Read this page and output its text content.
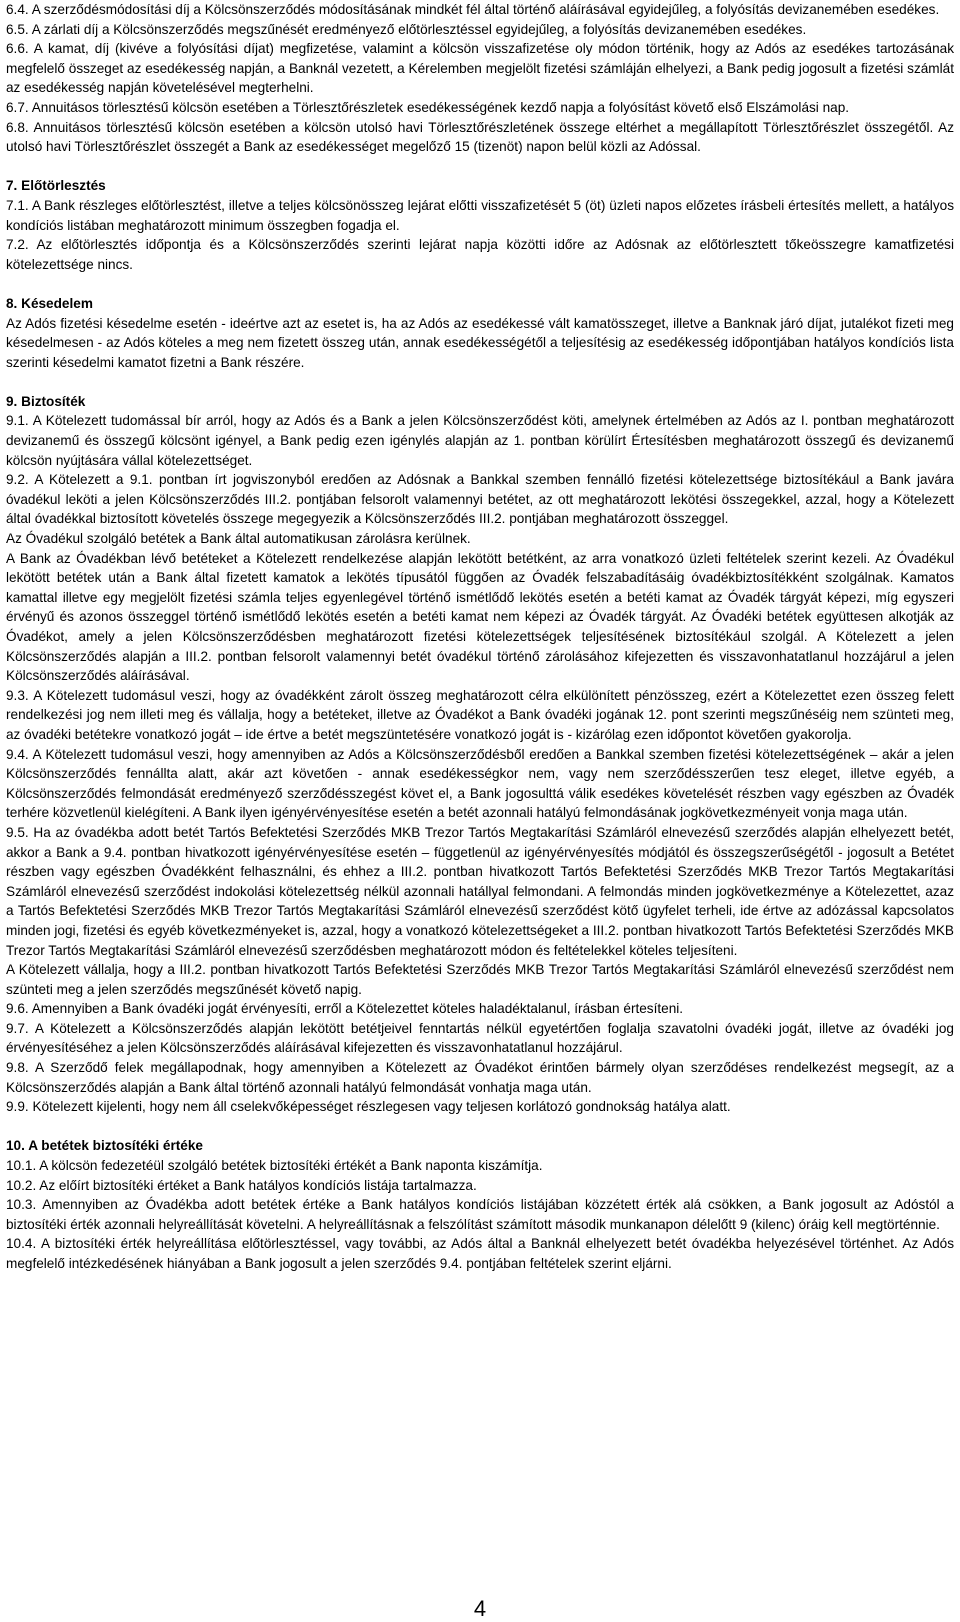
6.4. A szerződésmódosítási díj a Kölcsönszerződés módosításának mindkét fél által történő aláírásával egyidejűleg, a folyósítás devizanemében esedékes.

6.5. A zárlati díj a Kölcsönszerződés megszűnését eredményező előtörlesztéssel egyidejűleg, a folyósítás devizanemében esedékes.

6.6. A kamat, díj (kivéve a folyósítási díjat) megfizetése, valamint a kölcsön visszafizetése oly módon történik, hogy az Adós az esedékes tartozásának megfelelő összeget az esedékesség napján, a Banknál vezetett, a Kérelemben megjelölt fizetési számláján elhelyezi, a Bank pedig jogosult a fizetési számlát az esedékesség napján követelésével megterhelni.

6.7. Annuitásos törlesztésű kölcsön esetében a Törlesztőrészletek esedékességének kezdő napja a folyósítást követő első Elszámolási nap.

6.8. Annuitásos törlesztésű kölcsön esetében a kölcsön utolsó havi Törlesztőrészletének összege eltérhet a megállapított Törlesztőrészlet összegétől. Az utolsó havi Törlesztőrészlet összegét a Bank az esedékességet megelőző 15 (tizenöt) napon belül közli az Adóssal.

7. Előtörlesztés

7.1. A Bank részleges előtörlesztést, illetve a teljes kölcsönösszeg lejárat előtti visszafizetését 5 (öt) üzleti napos előzetes írásbeli értesítés mellett, a hatályos kondíciós listában meghatározott minimum összegben fogadja el.

7.2. Az előtörlesztés időpontja és a Kölcsönszerződés szerinti lejárat napja közötti időre az Adósnak az előtörlesztett tőkeösszegre kamatfizetési kötelezettsége nincs.

8. Késedelem

Az Adós fizetési késedelme esetén - ideértve azt az esetet is, ha az Adós az esedékessé vált kamatösszeget, illetve a Banknak járó díjat, jutalékot fizeti meg késedelmesen - az Adós köteles a meg nem fizetett összeg után, annak esedékességétől a teljesítésig az esedékesség időpontjában hatályos kondíciós lista szerinti késedelmi kamatot fizetni a Bank részére.

9. Biztosíték

9.1. A Kötelezett tudomással bír arról, hogy az Adós és a Bank a jelen Kölcsönszerződést köti, amelynek értelmében az Adós az I. pontban meghatározott devizanemű és összegű kölcsönt igényel, a Bank pedig ezen igénylés alapján az 1. pontban körülírt Értesítésben meghatározott összegű és devizanemű kölcsön nyújtására vállal kötelezettséget.

9.2. A Kötelezett a 9.1. pontban írt jogviszonyból eredően az Adósnak a Bankkal szemben fennálló fizetési kötelezettsége biztosítékául a Bank javára óvadékul leköti a jelen Kölcsönszerződés III.2. pontjában felsorolt valamennyi betétet, az ott meghatározott lekötési összegekkel, azzal, hogy a Kötelezett által óvadékkal biztosított követelés összege megegyezik a Kölcsönszerződés III.2. pontjában meghatározott összeggel.

Az Óvadékul szolgáló betétek a Bank által automatikusan zárolásra kerülnek.

A Bank az Óvadékban lévő betéteket a Kötelezett rendelkezése alapján lekötött betétként, az arra vonatkozó üzleti feltételek szerint kezeli. Az Óvadékul lekötött betétek után a Bank által fizetett kamatok a lekötés típusától függően az Óvadék felszabadításáig óvadékbiztosítékként szolgálnak. Kamatos kamattal illetve egy megjelölt fizetési számla teljes egyenlegével történő ismétlődő lekötés esetén a betéti kamat az Óvadék tárgyát képezi, míg egyszeri érvényű és azonos összeggel történő ismétlődő lekötés esetén a betéti kamat nem képezi az Óvadék tárgyát. Az Óvadéki betétek együttesen alkotják az Óvadékot, amely a jelen Kölcsönszerződésben meghatározott fizetési kötelezettségek teljesítésének biztosítékául szolgál. A Kötelezett a jelen Kölcsönszerződés alapján a III.2. pontban felsorolt valamennyi betét óvadékul történő zárolásához kifejezetten és visszavonhatatlanul hozzájárul a jelen Kölcsönszerződés aláírásával.

9.3. A Kötelezett tudomásul veszi, hogy az óvadékként zárolt összeg meghatározott célra elkülönített pénzösszeg, ezért a Kötelezettet ezen összeg felett rendelkezési jog nem illeti meg és vállalja, hogy a betéteket, illetve az Óvadékot a Bank óvadéki jogának 12. pont szerinti megszűnéséig nem szünteti meg, az óvadéki betétekre vonatkozó jogát – ide értve a betét megszüntetésére vonatkozó jogát is - kizárólag ezen időpontot követően gyakorolja.

9.4. A Kötelezett tudomásul veszi, hogy amennyiben az Adós a Kölcsönszerződésből eredően a Bankkal szemben fizetési kötelezettségének – akár a jelen Kölcsönszerződés fennállta alatt, akár azt követően - annak esedékességkor nem, vagy nem szerződésszerűen tesz eleget, illetve egyéb, a Kölcsönszerződés felmondását eredményező szerződésszegést követ el, a Bank jogosulttá válik esedékes követelését részben vagy egészben az Óvadék terhére közvetlenül kielégíteni. A Bank ilyen igényérvényesítése esetén a betét azonnali hatályú felmondásának jogkövetkezményeit vonja maga után.

9.5. Ha az óvadékba adott betét Tartós Befektetési Szerződés MKB Trezor Tartós Megtakarítási Számláról elnevezésű szerződés alapján elhelyezett betét, akkor a Bank a 9.4. pontban hivatkozott igényérvényesítése esetén – függetlenül az igényérvényesítés módjától és összegszerűségétől - jogosult a Betétet részben vagy egészben Óvadékként felhasználni, és ehhez a III.2. pontban hivatkozott Tartós Befektetési Szerződés MKB Trezor Tartós Megtakarítási Számláról elnevezésű szerződést indokolási kötelezettség nélkül azonnali hatállyal felmondani. A felmondás minden jogkövetkezménye a Kötelezettet, azaz a Tartós Befektetési Szerződés MKB Trezor Tartós Megtakarítási Számláról elnevezésű szerződést kötő ügyfelet terheli, ide értve az adózással kapcsolatos minden jogi, fizetési és egyéb következményeket is, azzal, hogy a vonatkozó kötelezettségeket a III.2. pontban hivatkozott Tartós Befektetési Szerződés MKB Trezor Tartós Megtakarítási Számláról elnevezésű szerződésben meghatározott módon és feltételekkel köteles teljesíteni.

A Kötelezett vállalja, hogy a III.2. pontban hivatkozott Tartós Befektetési Szerződés MKB Trezor Tartós Megtakarítási Számláról elnevezésű szerződést nem szünteti meg a jelen szerződés megszűnését követő napig.

9.6. Amennyiben a Bank óvadéki jogát érvényesíti, erről a Kötelezettet köteles haladéktalanul, írásban értesíteni.

9.7. A Kötelezett a Kölcsönszerződés alapján lekötött betétjeivel fenntartás nélkül egyetértően foglalja szavatolni óvadéki jogát, illetve az óvadéki jog érvényesítéséhez a jelen Kölcsönszerződés aláírásával kifejezetten és visszavonhatatlanul hozzájárul.

9.8. A Szerződő felek megállapodnak, hogy amennyiben a Kötelezett az Óvadékot érintően bármely olyan szerződéses rendelkezést megsegít, az a Kölcsönszerződés alapján a Bank által történő azonnali hatályú felmondását vonhatja maga után.

9.9. Kötelezett kijelenti, hogy nem áll cselekvőképességet részlegesen vagy teljesen korlátozó gondnokság hatálya alatt.

10. A betétek biztosítéki értéke

10.1. A kölcsön fedezetéül szolgáló betétek biztosítéki értékét a Bank naponta kiszámítja.

10.2. Az előírt biztosítéki értéket a Bank hatályos kondíciós listája tartalmazza.

10.3. Amennyiben az Óvadékba adott betétek értéke a Bank hatályos kondíciós listájában közzétett érték alá csökken, a Bank jogosult az Adóstól a biztosítéki érték azonnali helyreállítását követelni. A helyreállításnak a felszólítást számított második munkanapon délelőtt 9 (kilenc) óráig kell megtörténnie.

10.4. A biztosítéki érték helyreállítása előtörlesztéssel, vagy további, az Adós által a Banknál elhelyezett betét óvadékba helyezésével történhet. Az Adós megfelelő intézkedésének hiányában a Bank jogosult a jelen szerződés 9.4. pontjában feltételek szerint eljárni.

4
